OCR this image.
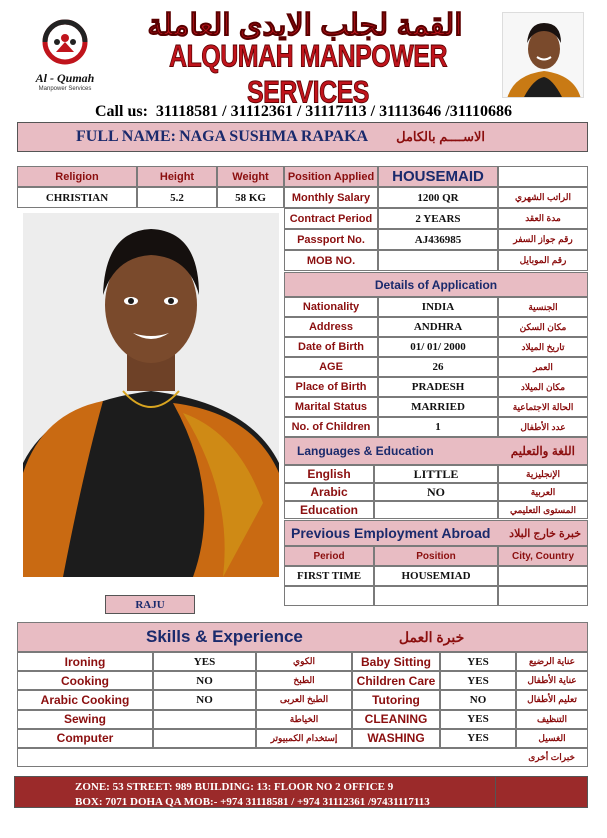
Al - Qumah
Manpower Services
القمة لجلب الايدى العاملة
ALQUMAH MANPOWER SERVICES
Call us: 31118581 / 31112361 / 31117113 / 31113646 /31110686
FULL NAME:
NAGA SUSHMA RAPAKA الاســــم بالكامل
Religion	Height	Weight
CHRISTIAN	5.2	58 KG
RAJU
Position Applied	HOUSEMAID
Monthly Salary	1200 QR	الراتب الشهري
Contract Period	2 YEARS	مدة العقد
Passport No.	AJ436985	رقم جواز السفر
MOB NO.	رقم الموبايل
Details of Application
Nationality	INDIA	الجنسية
Address	ANDHRA	مكان السكن
Date of Birth	01/ 01/ 2000	تاريخ الميلاد
AGE	26	العمر
Place of Birth	PRADESH	مكان الميلاد
Marital Status	MARRIED	الحالة الاجتماعية
No. of Children	1	عدد الأطفال
Languages & Education	اللغة والتعليم
English	LITTLE	الإنجليزية
Arabic	NO	العربية
Education	المستوى التعليمي
Previous Employment Abroad خبرة خارج البلاد
Period	Position	City, Country
FIRST TIME	HOUSEMIAD
Skills & Experience	خبرة العمل
Ironing	YES	الكوي	Baby Sitting	YES	عناية الرضيع
Cooking	NO	الطبخ	Children Care	YES	عناية الأطفال
Arabic Cooking	NO	الطبخ العربى	Tutoring	NO	تعليم الأطفال
Sewing	الخياطة	CLEANING	YES	التنظيف
Computer	إستخدام الكمبيوتر	WASHING	YES	الغسيل
خبرات أخرى
ZONE: 53 STREET: 989 BUILDING: 13: FLOOR NO 2 OFFICE 9
BOX: 7071 DOHA QA MOB:- +974 31118581 / +974 31112361 /97431117113
